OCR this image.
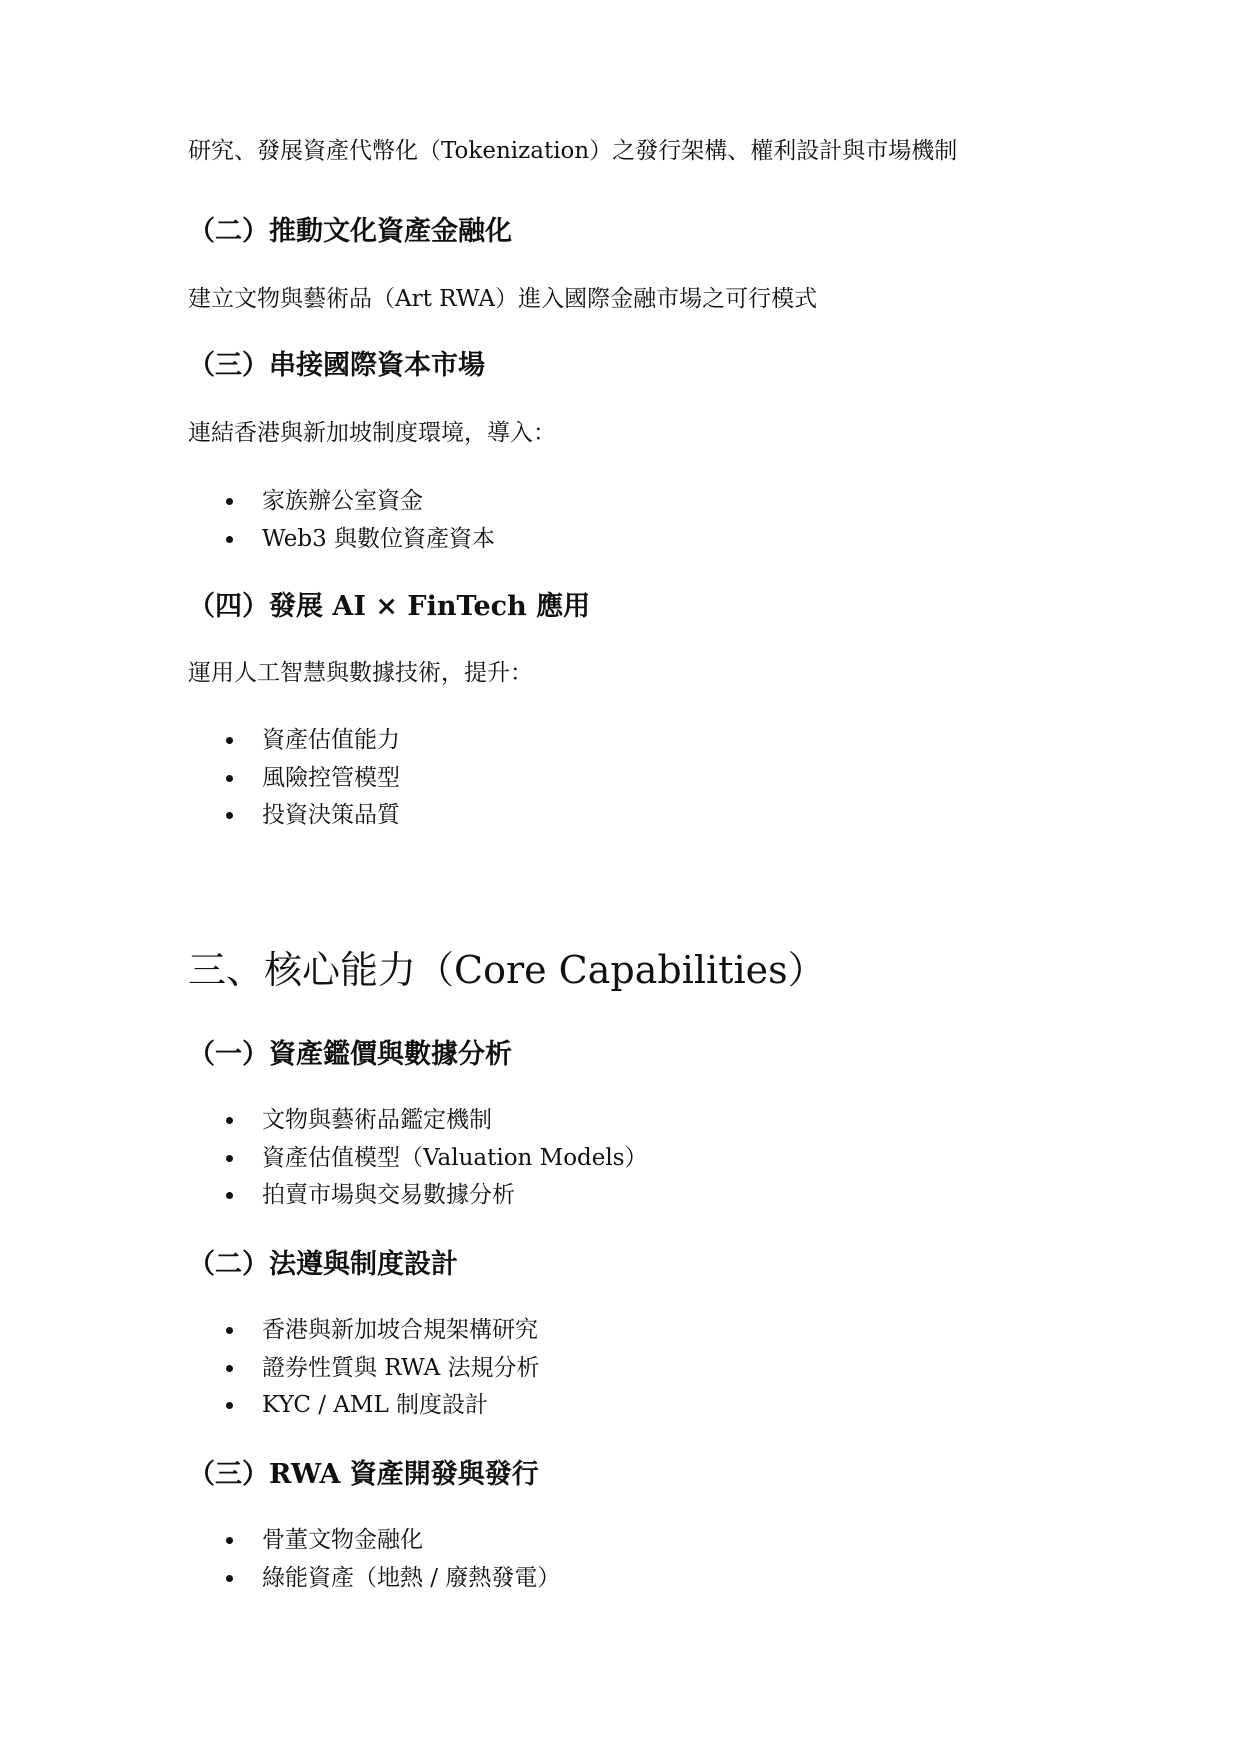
研究、發展資產代幣化（Tokenization）之發行架構、權利設計與市場機制

（二）推動文化資產金融化

建立文物與藝術品（Art RWA）進入國際金融市場之可行模式

（三）串接國際資本市場

連結香港與新加坡制度環境，導入：

家族辦公室資金
Web3 與數位資產資本
（四）發展 AI × FinTech 應用

運用人工智慧與數據技術，提升：

資產估值能力
風險控管模型
投資決策品質
三、核心能力（Core Capabilities）
（一）資產鑑價與數據分析
文物與藝術品鑑定機制
資產估值模型（Valuation Models）
拍賣市場與交易數據分析
（二）法遵與制度設計
香港與新加坡合規架構研究
證券性質與 RWA 法規分析
KYC / AML 制度設計
（三）RWA 資產開發與發行
骨董文物金融化
綠能資產（地熱 / 廢熱發電）
